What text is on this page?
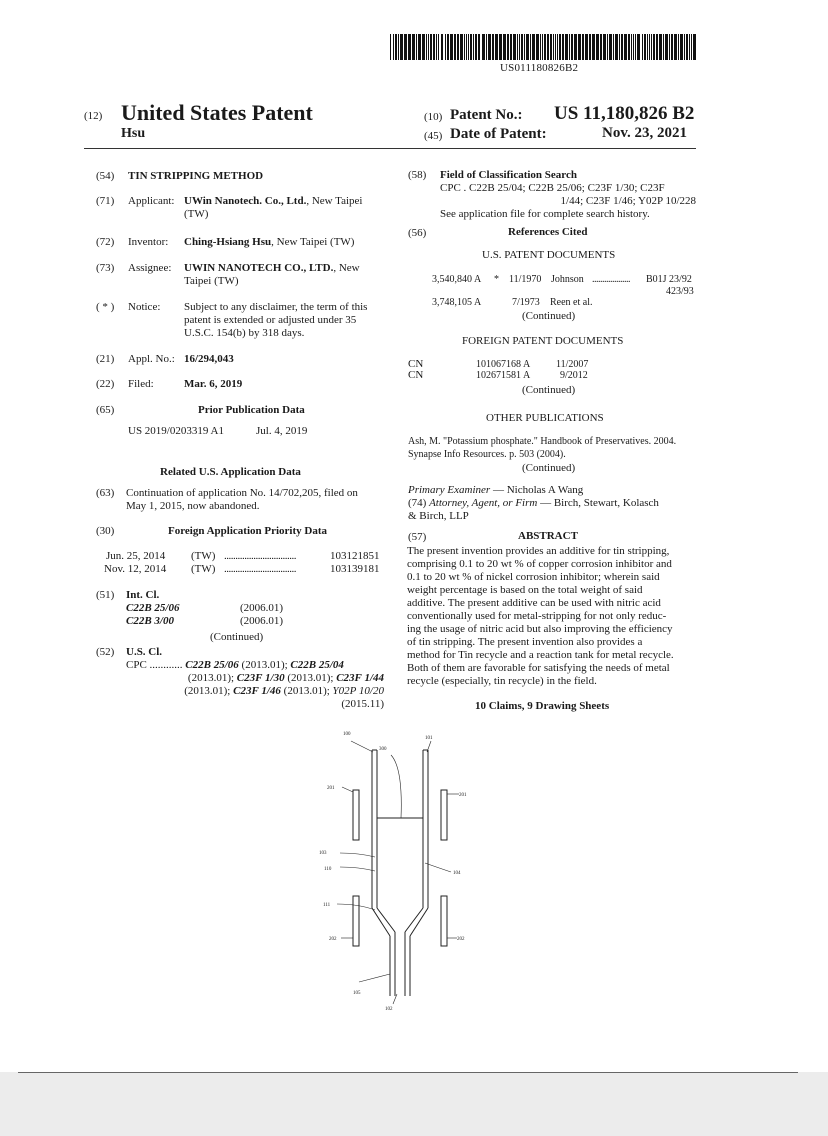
US011180826B2
(12) United States Patent
Hsu
(10) Patent No.: US 11,180,826 B2
(45) Date of Patent:	Nov. 23, 2021
(54) TIN STRIPPING METHOD
(71) Applicant: UWin Nanotech. Co., Ltd., New Taipei
(TW)
(72) Inventor: Ching-Hsiang Hsu, New Taipei (TW)
(73) Assignee: UWIN NANOTECH CO., LTD., New
Taipei (TW)
( * ) Notice: Subject to any disclaimer, the term of this
patent is extended or adjusted under 35
U.S.C. 154(b) by 318 days.
(21) Appl. No.: 16/294,043
(22) Filed:	Mar. 6, 2019
(65)	Prior Publication Data
US 2019/0203319 A1	Jul. 4, 2019
Related U.S. Application Data
(63) Continuation of application No. 14/702,205, filed on
May 1, 2015, now abandoned.
(30)	Foreign Application Priority Data
Jun. 25, 2014 (TW) ................................	103121851
Nov. 12, 2014 (TW) ................................	103139181
(51) Int. Cl.
C22B 25/06	(2006.01)
C22B 3/00	(2006.01)
(Continued)
(52) U.S. Cl.
CPC ............ C22B 25/06 (2013.01); C22B 25/04
(2013.01); C23F 1/30 (2013.01); C23F 1/44
(2013.01); C23F 1/46 (2013.01); Y02P 10/20
(2015.11)
(58) Field of Classification Search
CPC . C22B 25/04; C22B 25/06; C23F 1/30; C23F
1/44; C23F 1/46; Y02P 10/228
See application file for complete search history.
(56)	References Cited
U.S. PATENT DOCUMENTS
3,540,840 A * 11/1970 Johnson ................... B01J 23/92
423/93
3,748,105 A	7/1973 Reen et al.
(Continued)
FOREIGN PATENT DOCUMENTS
CN	101067168 A	11/2007
CN	102671581 A	9/2012
(Continued)
OTHER PUBLICATIONS
Ash, M. "Potassium phosphate." Handbook of Preservatives. 2004.
Synapse Info Resources. p. 503 (2004).
(Continued)
Primary Examiner — Nicholas A Wang
(74) Attorney, Agent, or Firm — Birch, Stewart, Kolasch
& Birch, LLP
(57)	ABSTRACT
The present invention provides an additive for tin stripping,
comprising 0.1 to 20 wt % of copper corrosion inhibitor and
0.1 to 20 wt % of nickel corrosion inhibitor; wherein said
weight percentage is based on the total weight of said
additive. The present additive can be used with nitric acid
conventionally used for metal-stripping for not only reduc-
ing the usage of nitric acid but also improving the efficiency
of tin stripping. The present invention also provides a
method for Tin recycle and a reaction tank for metal recycle.
Both of them are favorable for satisfying the needs of metal
recycle (especially, tin recycle) in the field.
10 Claims, 9 Drawing Sheets
100
101
300
201
201
103
110
104
111
202	202
105
102
